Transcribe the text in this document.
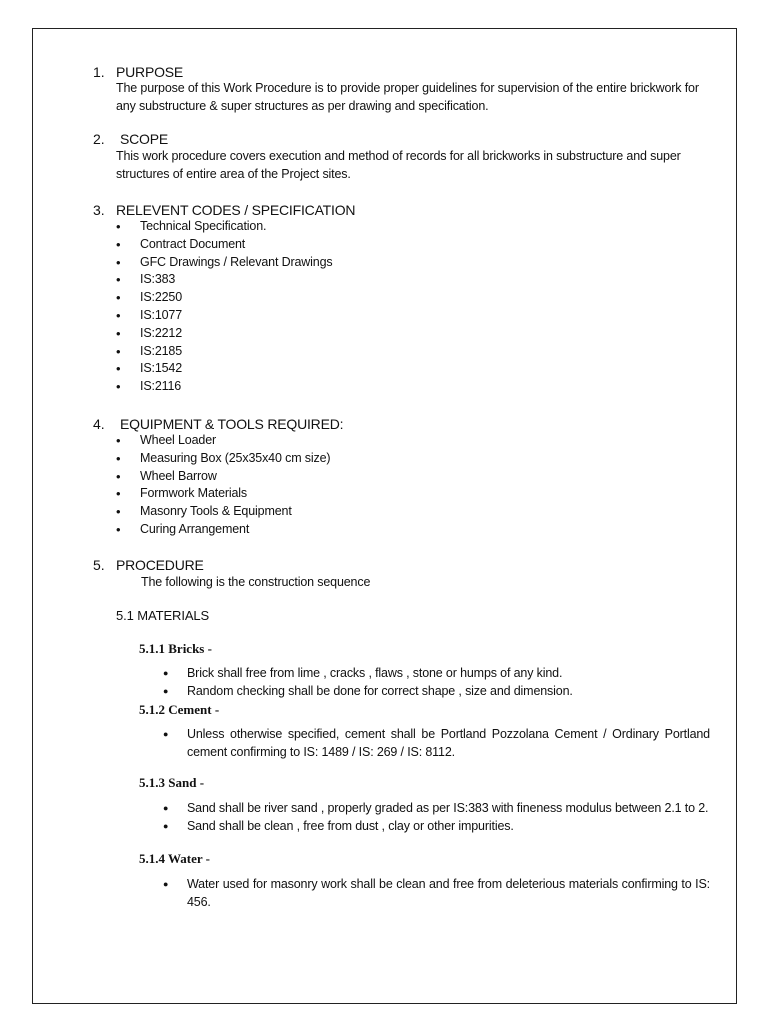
1. PURPOSE
The purpose of this Work Procedure is to provide proper guidelines for supervision of the entire brickwork for any substructure & super structures as per drawing and specification.
2. SCOPE
This work procedure covers execution and method of records for all brickworks in substructure and super structures of entire area of the Project sites.
3. RELEVENT CODES / SPECIFICATION
• Technical Specification.
• Contract Document
• GFC Drawings / Relevant Drawings
• IS:383
• IS:2250
• IS:1077
• IS:2212
• IS:2185
• IS:1542
• IS:2116
4. EQUIPMENT & TOOLS REQUIRED:
• Wheel Loader
• Measuring Box (25x35x40 cm size)
• Wheel Barrow
• Formwork Materials
• Masonry Tools & Equipment
• Curing Arrangement
5. PROCEDURE
The following is the construction sequence
5.1 MATERIALS
5.1.1 Bricks -
● Brick shall free from lime , cracks , flaws , stone or humps of any kind.
● Random checking shall be done for correct shape , size and dimension.
5.1.2 Cement -
● Unless otherwise specified, cement shall be Portland Pozzolana Cement / Ordinary Portland cement confirming to IS: 1489 / IS: 269 / IS: 8112.
5.1.3 Sand -
● Sand shall be river sand , properly graded as per IS:383 with fineness modulus between 2.1 to 2.
● Sand shall be clean , free from dust , clay or other impurities.
5.1.4 Water -
● Water used for masonry work shall be clean and free from deleterious materials confirming to IS: 456.
